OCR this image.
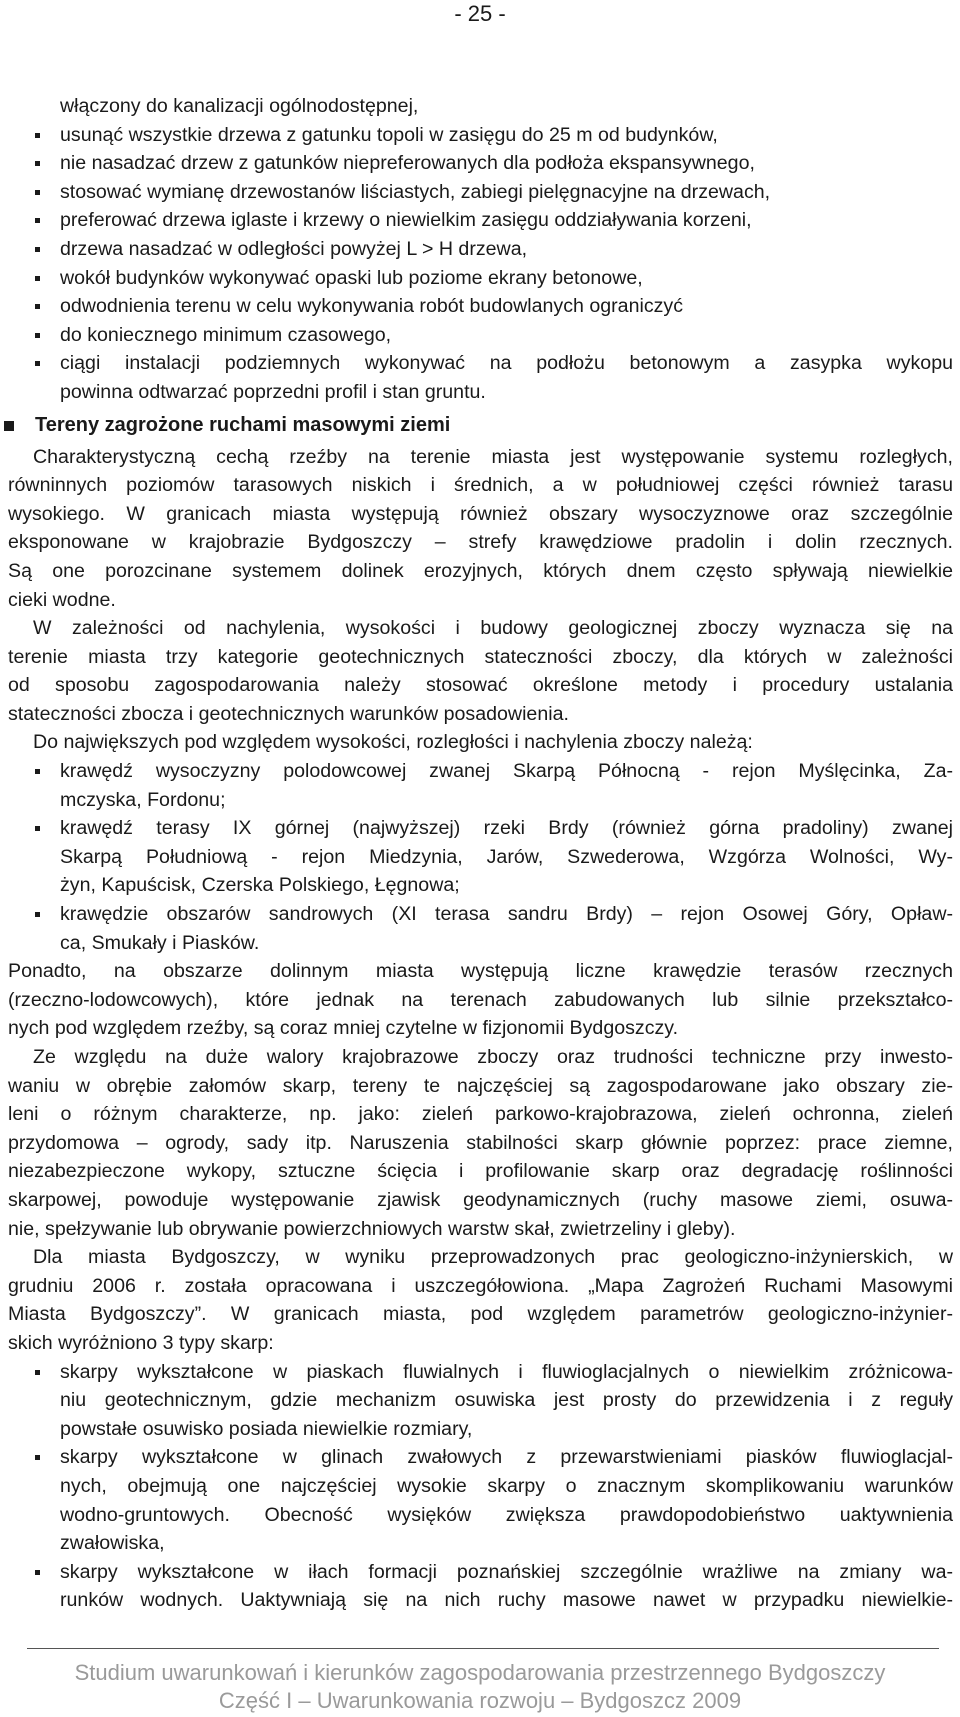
- 25 -
włączony do kanalizacji ogólnodostępnej,
usunąć wszystkie drzewa z gatunku topoli w zasięgu do 25 m od budynków,
nie nasadzać drzew z gatunków niepreferowanych dla podłoża ekspansywnego,
stosować wymianę drzewostanów liściastych, zabiegi pielęgnacyjne na drzewach,
preferować drzewa iglaste i krzewy o niewielkim zasięgu oddziaływania korzeni,
drzewa nasadzać w odległości powyżej L > H drzewa,
wokół budynków wykonywać opaski lub poziome ekrany betonowe,
odwodnienia terenu w celu wykonywania robót budowlanych ograniczyć
do koniecznego minimum czasowego,
ciągi instalacji podziemnych wykonywać na podłożu betonowym a zasypka wykopu
powinna odtwarzać poprzedni profil i stan gruntu.
Tereny zagrożone ruchami masowymi ziemi
Charakterystyczną cechą rzeźby na terenie miasta jest występowanie systemu rozległych,
równinnych poziomów tarasowych niskich i średnich, a w południowej części również tarasu
wysokiego. W granicach miasta występują również obszary wysoczyznowe oraz szczególnie
eksponowane w krajobrazie Bydgoszczy – strefy krawędziowe pradolin i dolin rzecznych.
Są one porozcinane systemem dolinek erozyjnych, których dnem często spływają niewielkie
cieki wodne.
W zależności od nachylenia, wysokości i budowy geologicznej zboczy wyznacza się na
terenie miasta trzy kategorie geotechnicznych stateczności zboczy, dla których w zależności
od sposobu zagospodarowania należy stosować określone metody i procedury ustalania
stateczności zbocza i geotechnicznych warunków posadowienia.
Do największych pod względem wysokości, rozległości i nachylenia zboczy należą:
krawędź wysoczyzny polodowcowej zwanej Skarpą Północną - rejon Myślęcinka, Za-
mczyska, Fordonu;
krawędź terasy IX górnej (najwyższej) rzeki Brdy (również górna pradoliny) zwanej
Skarpą Południową - rejon Miedzynia, Jarów, Szwederowa, Wzgórza Wolności, Wy-
żyn, Kapuścisk, Czerska Polskiego, Łęgnowa;
krawędzie obszarów sandrowych (XI terasa sandru Brdy) – rejon Osowej Góry, Opław-
ca, Smukały i Piasków.
Ponadto, na obszarze dolinnym miasta występują liczne krawędzie terasów rzecznych
(rzeczno-lodowcowych), które jednak na terenach zabudowanych lub silnie przekształco-
nych pod względem rzeźby, są coraz mniej czytelne w fizjonomii Bydgoszczy.
Ze względu na duże walory krajobrazowe zboczy oraz trudności techniczne przy inwesto-
waniu w obrębie załomów skarp, tereny te najczęściej są zagospodarowane jako obszary zie-
leni o różnym charakterze, np. jako: zieleń parkowo-krajobrazowa, zieleń ochronna, zieleń
przydomowa – ogrody, sady itp. Naruszenia stabilności skarp głównie poprzez: prace ziemne,
niezabezpieczone wykopy, sztuczne ścięcia i profilowanie skarp oraz degradację roślinności
skarpowej, powoduje występowanie zjawisk geodynamicznych (ruchy masowe ziemi, osuwa-
nie, spełzywanie lub obrywanie powierzchniowych warstw skał, zwietrzeliny i gleby).
Dla miasta Bydgoszczy, w wyniku przeprowadzonych prac geologiczno-inżynierskich, w
grudniu 2006 r. została opracowana i uszczegółowiona. „Mapa Zagrożeń Ruchami Masowymi
Miasta Bydgoszczy”. W granicach miasta, pod względem parametrów geologiczno-inżynier-
skich wyróżniono 3 typy skarp:
skarpy wykształcone w piaskach fluwialnych i fluwioglacjalnych o niewielkim zróżnicowa-
niu geotechnicznym, gdzie mechanizm osuwiska jest prosty do przewidzenia i z reguły
powstałe osuwisko posiada niewielkie rozmiary,
skarpy wykształcone w glinach zwałowych z przewarstwieniami piasków fluwioglacjal-
nych, obejmują one najczęściej wysokie skarpy o znacznym skomplikowaniu warunków
wodno-gruntowych. Obecność wysięków zwiększa prawdopodobieństwo uaktywnienia
zwałowiska,
skarpy wykształcone w iłach formacji poznańskiej szczególnie wrażliwe na zmiany wa-
runków wodnych. Uaktywniają się na nich ruchy masowe nawet w przypadku niewielkie-
Studium uwarunkowań i kierunków zagospodarowania przestrzennego Bydgoszczy
Część I – Uwarunkowania rozwoju – Bydgoszcz 2009
